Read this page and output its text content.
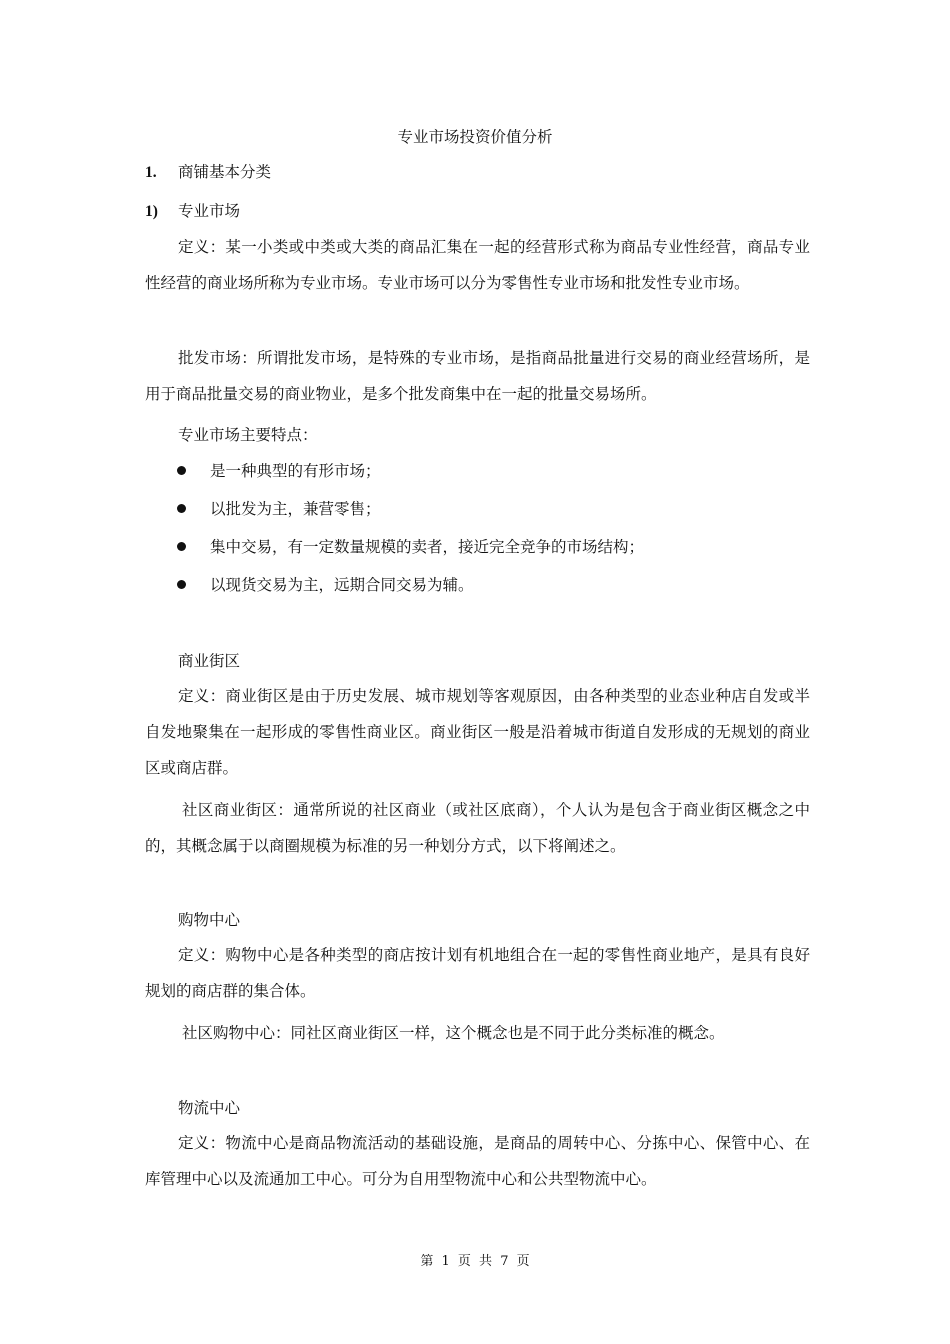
专业市场投资价值分析
1. 商铺基本分类
1) 专业市场
定义：某一小类或中类或大类的商品汇集在一起的经营形式称为商品专业性经营，商品专业性经营的商业场所称为专业市场。专业市场可以分为零售性专业市场和批发性专业市场。
批发市场：所谓批发市场，是特殊的专业市场，是指商品批量进行交易的商业经营场所，是用于商品批量交易的商业物业，是多个批发商集中在一起的批量交易场所。
专业市场主要特点：
是一种典型的有形市场；
以批发为主，兼营零售；
集中交易，有一定数量规模的卖者，接近完全竞争的市场结构；
以现货交易为主，远期合同交易为辅。
商业街区
定义：商业街区是由于历史发展、城市规划等客观原因，由各种类型的业态业种店自发或半自发地聚集在一起形成的零售性商业区。商业街区一般是沿着城市街道自发形成的无规划的商业区或商店群。
社区商业街区：通常所说的社区商业（或社区底商），个人认为是包含于商业街区概念之中的，其概念属于以商圈规模为标准的另一种划分方式，以下将阐述之。
购物中心
定义：购物中心是各种类型的商店按计划有机地组合在一起的零售性商业地产，是具有良好规划的商店群的集合体。
社区购物中心：同社区商业街区一样，这个概念也是不同于此分类标准的概念。
物流中心
定义：物流中心是商品物流活动的基础设施，是商品的周转中心、分拣中心、保管中心、在库管理中心以及流通加工中心。可分为自用型物流中心和公共型物流中心。
第 1 页 共 7 页
